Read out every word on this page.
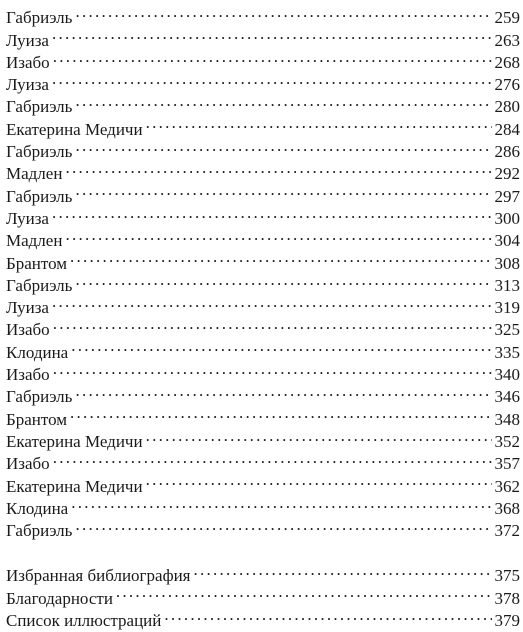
Габриэль . . .	259
Луиза . . .	263
Изабо . . .	268
Луиза . . .	276
Габриэль . . .	280
Екатерина Медичи . . .	284
Габриэль . . .	286
Мадлен . . .	292
Габриэль . . .	297
Луиза . . .	300
Мадлен . . .	304
Брантом . . .	308
Габриэль . . .	313
Луиза . . .	319
Изабо . . .	325
Клодина . . .	335
Изабо . . .	340
Габриэль . . .	346
Брантом . . .	348
Екатерина Медичи . . .	352
Изабо . . .	357
Екатерина Медичи . . .	362
Клодина . . .	368
Габриэль . . .	372
Избранная библиография . . .	375
Благодарности . . .	378
Список иллюстраций . . .	379
